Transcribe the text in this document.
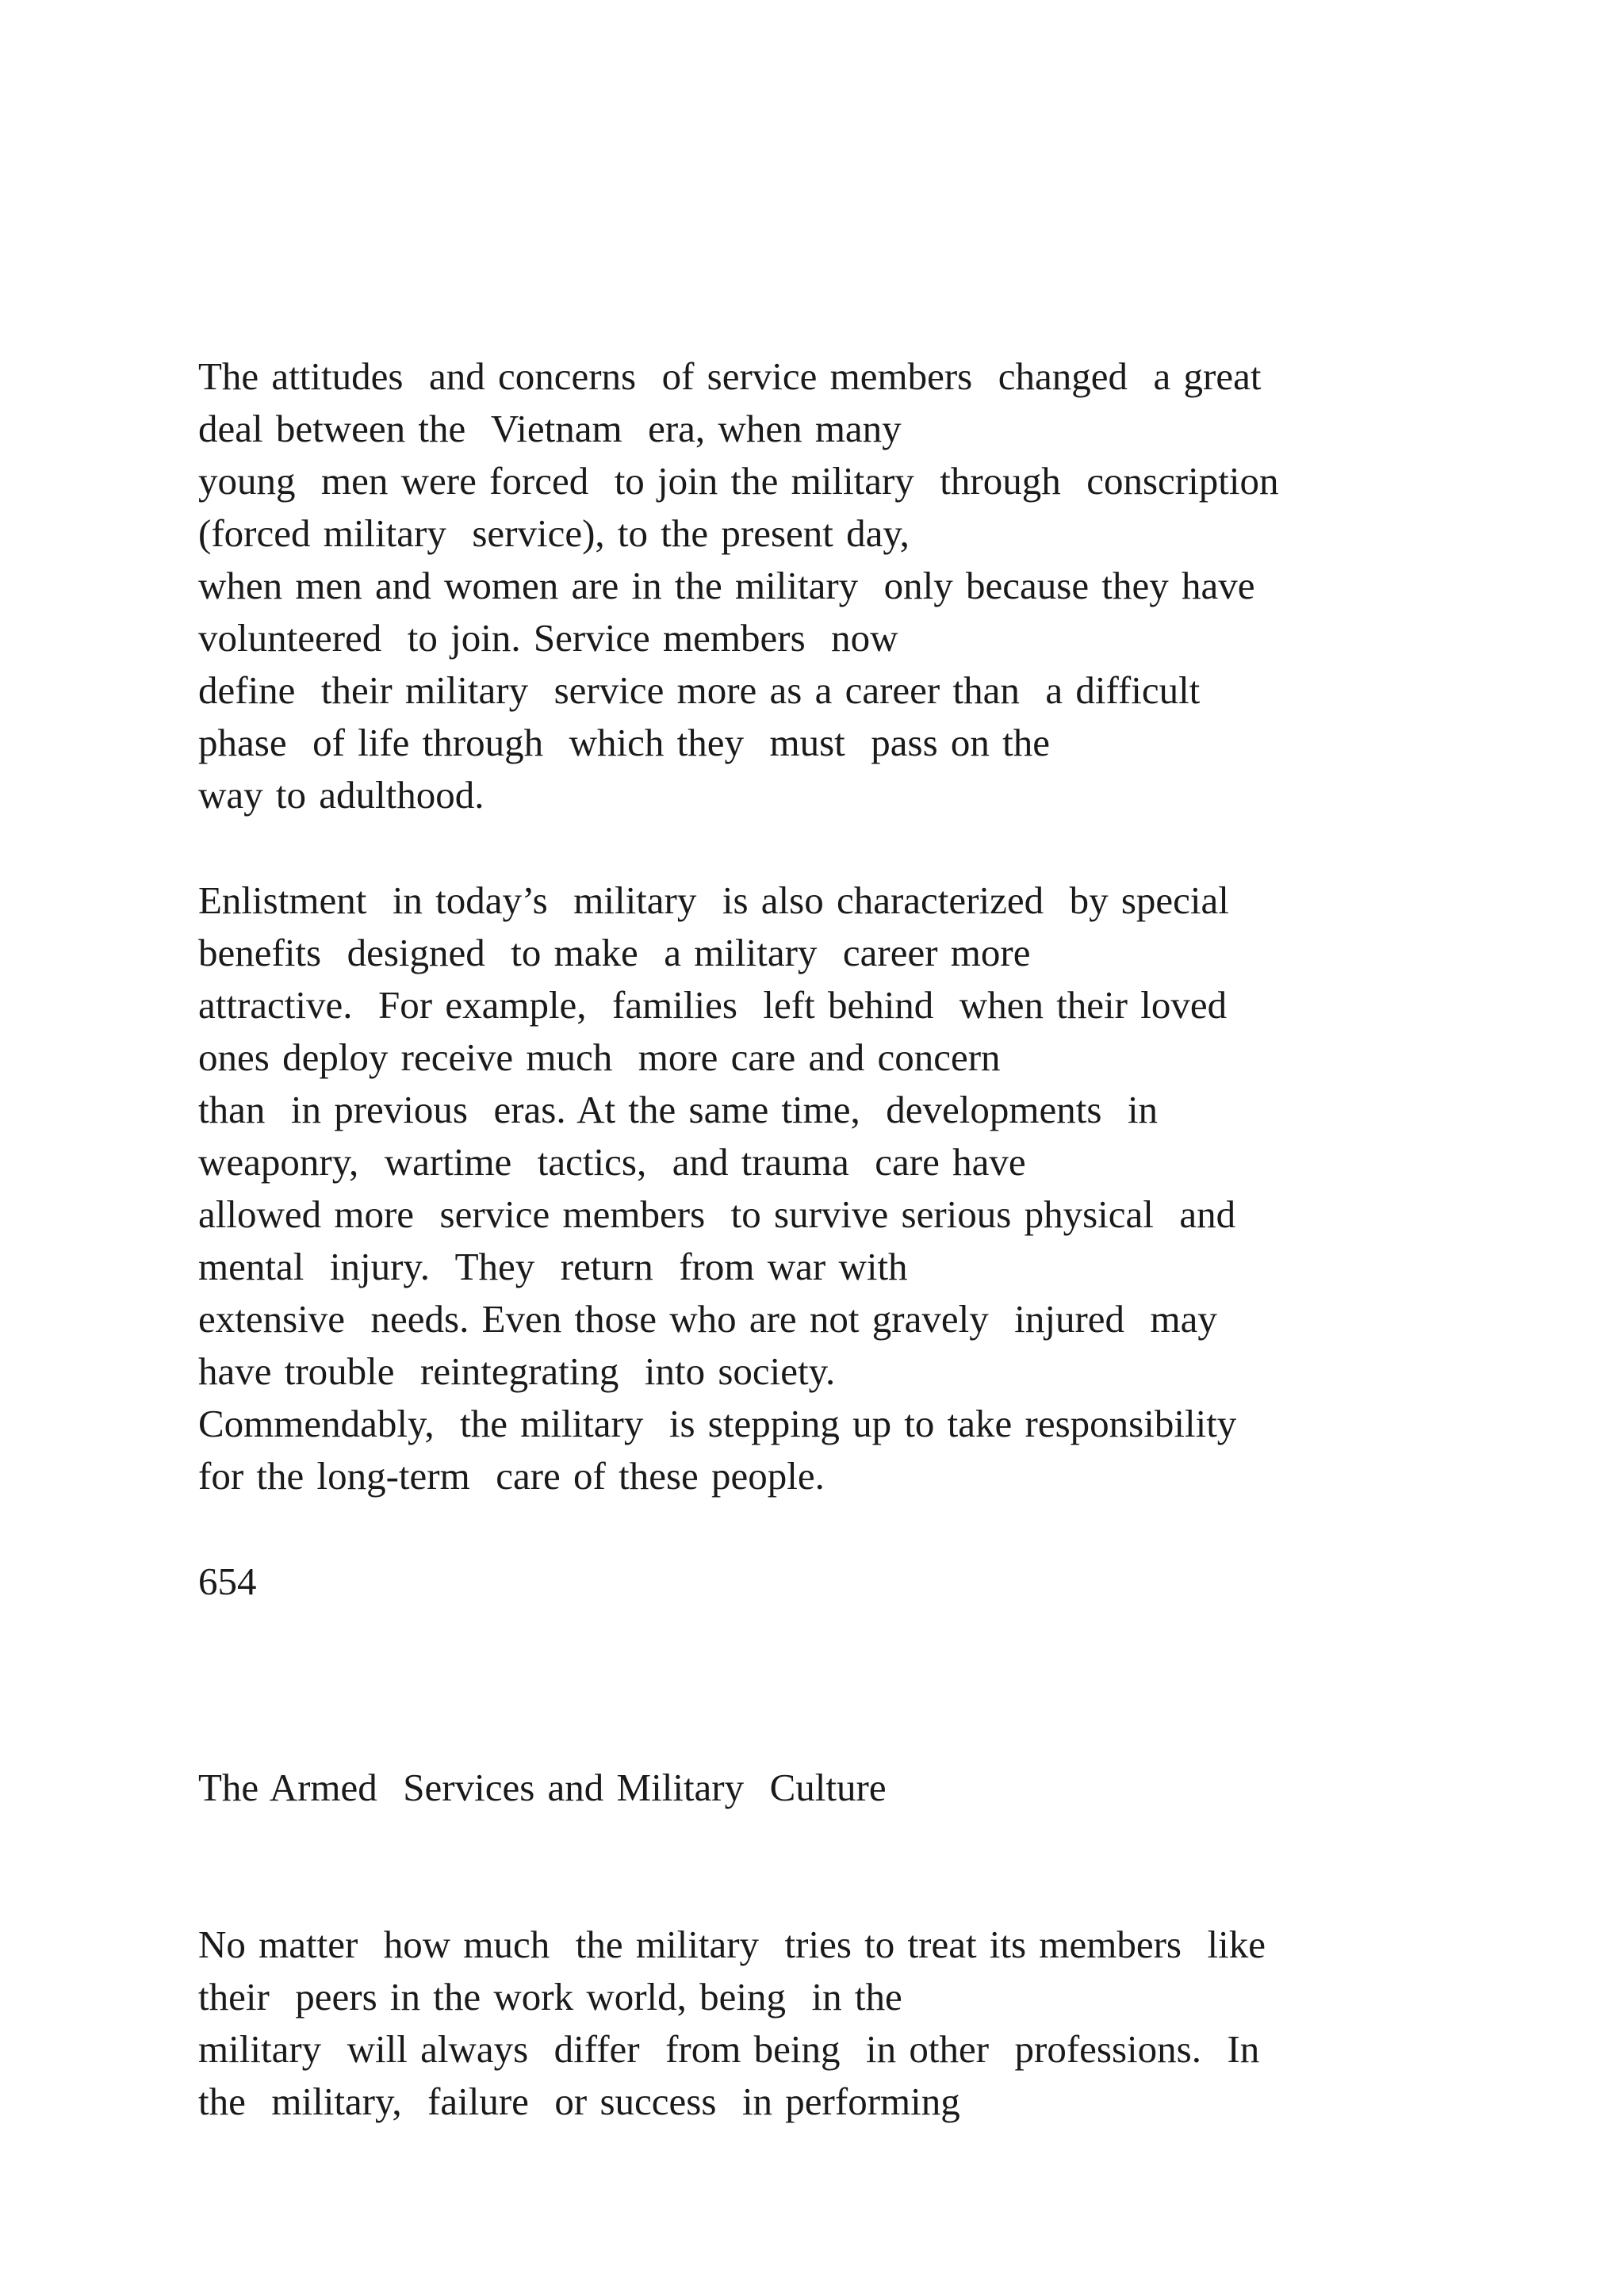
The attitudes  and concerns  of service members  changed  a great
deal between the  Vietnam  era, when many
young  men were forced  to join the military  through  conscription
(forced military  service), to the present day,
when men and women are in the military  only because they have
volunteered  to join. Service members  now
define  their military  service more as a career than  a difficult
phase  of life through  which they  must  pass on the
way to adulthood.
Enlistment  in today’s  military  is also characterized  by special
benefits  designed  to make  a military  career more
attractive.  For example,  families  left behind  when their loved
ones deploy receive much  more care and concern
than  in previous  eras. At the same time,  developments  in
weaponry,  wartime  tactics,  and trauma  care have
allowed more  service members  to survive serious physical  and
mental  injury.  They  return  from war with
extensive  needs. Even those who are not gravely  injured  may
have trouble  reintegrating  into society.
Commendably,  the military  is stepping up to take responsibility
for the long-term  care of these people.
654
The Armed  Services and Military  Culture
No matter  how much  the military  tries to treat its members  like
their  peers in the work world, being  in the
military  will always  differ  from being  in other  professions.  In
the  military,  failure  or success  in performing
